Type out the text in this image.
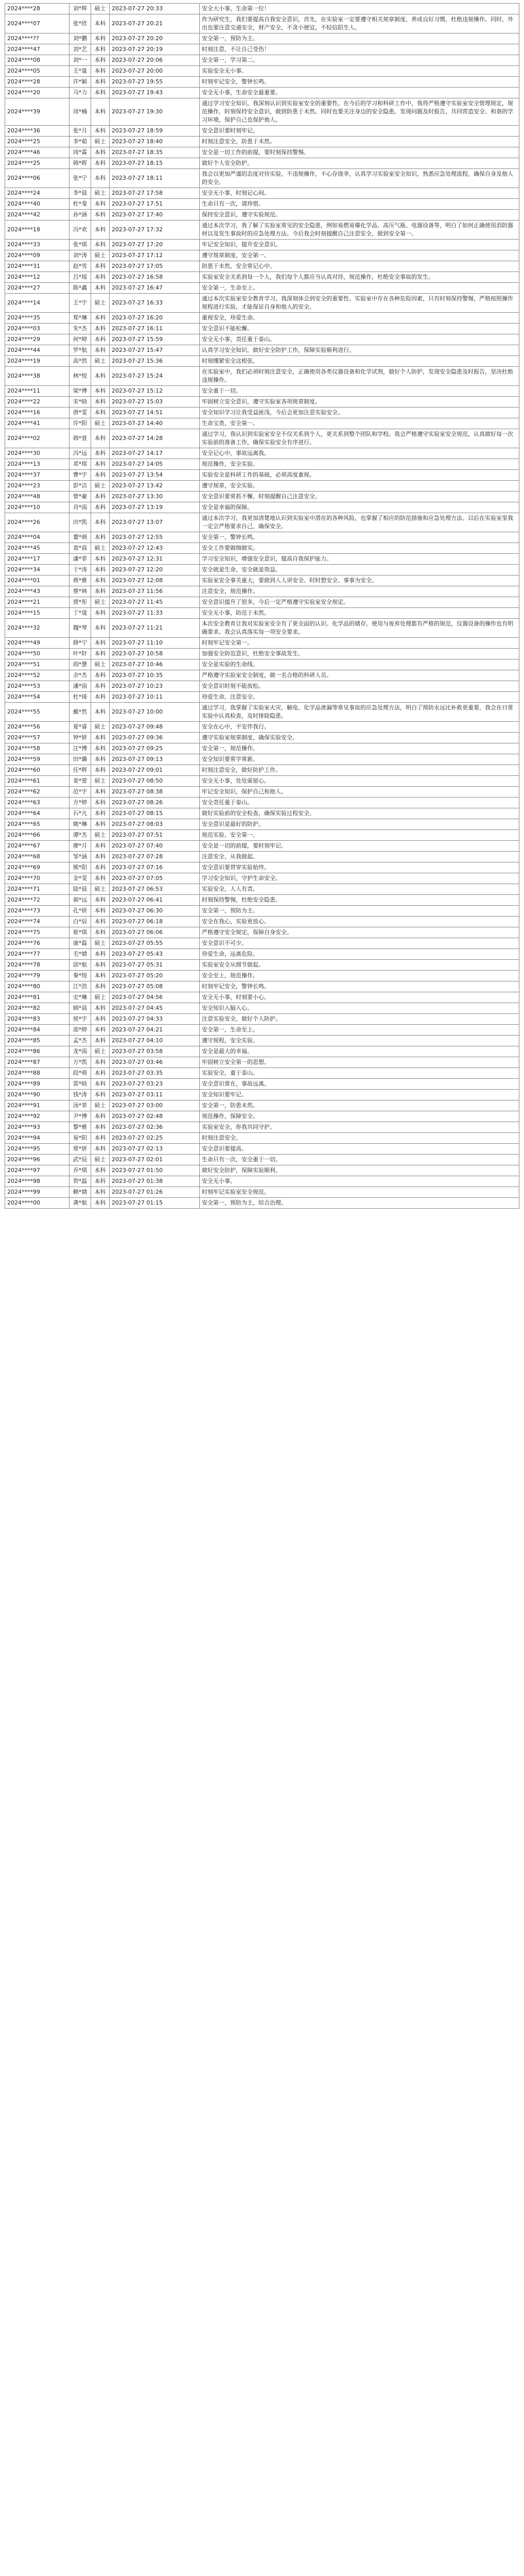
2024****28	刘*辉	硕士	2023-07-27 20:33	安全大小事，生命第一位！
2024****07	张*欣	本科	2023-07-27 20:21	作为研究生，我们要提高自我安全意识，首先，在实验室一定要遵守相关规章制度，养成良好习惯，杜绝违规操作。同时，外出也要注意交通安全，财产安全，不贪小便宜，不轻信陌生人。
2024****??	刘*鹏	本科	2023-07-27 20:20	安全第一，预防为主。
2024****47	刘*艺	本科	2023-07-27 20:19	时刻注意，不让自己受伤！
2024****08	刘*一	本科	2023-07-27 20:06	安全第一，学习第二。
2024****05	王*量	本科	2023-07-27 20:00	实验安全无小事。
2024****28	许*颖	本科	2023-07-27 19:55	时刻牢记安全，警钟长鸣。
2024****20	马*力	本科	2023-07-27 19:43	安全无小事，生命安全最重要。
2024****39	周*楠	本科	2023-07-27 19:30	通过学习安全知识，我深刻认识到实验室安全的重要性。在今后的学习和科研工作中，我将严格遵守实验室安全管理规定，规范操作，时刻保持安全意识，做到防患于未然。同时也要关注身边的安全隐患，发现问题及时报告，共同营造安全、和谐的学习环境，保护自己也保护他人。
2024****36	张*月	本科	2023-07-27 18:59	安全意识要时刻牢记。
2024****25	李*茹	硕士	2023-07-27 18:40	时刻注意安全，防患于未然。
2024****46	周*霖	本科	2023-07-27 18:35	安全是一切工作的前提，要时刻保持警惕。
2024****25	韩*晖	本科	2023-07-27 18:15	做好个人安全防护。
2024****06	张*宁	本科	2023-07-27 18:11	我会以更加严谨的态度对待实验，不违规操作，不心存侥幸，认真学习实验室安全知识，熟悉应急处理流程，确保自身及他人的安全。
2024****24	李*晨	硕士	2023-07-27 17:58	安全无小事，时刻记心间。
2024****40	杜*斐	本科	2023-07-27 17:51	生命只有一次，请珍惜。
2024****42	孙*涵	本科	2023-07-27 17:40	保持安全意识，遵守实验规范。
2024****18	冯*欢	本科	2023-07-27 17:32	通过本次学习，我了解了实验室常见的安全隐患，例如易燃易爆化学品、高压气瓶、电器设备等，明白了如何正确使用消防器材以及发生事故时的应急处理方法。今后我会时刻提醒自己注意安全，做到安全第一。
2024****33	张*琪	本科	2023-07-27 17:20	牢记安全知识，提升安全意识。
2024****09	刘*涛	硕士	2023-07-27 17:12	遵守规章制度，安全第一。
2024****31	赵*雪	本科	2023-07-27 17:05	防患于未然，安全常记心中。
2024****12	吕*瑶	本科	2023-07-27 16:58	实验室安全关系到每一个人，我们每个人都应当认真对待，规范操作，杜绝安全事故的发生。
2024****27	陈*鑫	本科	2023-07-27 16:47	安全第一，生命至上。
2024****14	王*宇	硕士	2023-07-27 16:33	通过本次实验室安全教育学习，我深刻体会到安全的重要性。实验室中存在各种危险因素，只有时刻保持警惕，严格按照操作规程进行实验，才能保证自身和他人的安全。
2024****35	郑*琳	本科	2023-07-27 16:20	重视安全，珍爱生命。
2024****03	朱*杰	本科	2023-07-27 16:11	安全意识不能松懈。
2024****29	何*婷	本科	2023-07-27 15:59	安全无小事，责任重于泰山。
2024****44	罗*航	本科	2023-07-27 15:47	认真学习安全知识，做好安全防护工作，保障实验顺利进行。
2024****19	高*然	硕士	2023-07-27 15:36	时刻绷紧安全这根弦。
2024****38	林*悦	本科	2023-07-27 15:24	在实验室中，我们必须时刻注意安全，正确使用各类仪器设备和化学试剂，做好个人防护，发现安全隐患及时报告，坚决杜绝违规操作。
2024****11	梁*博	本科	2023-07-27 15:12	安全重于一切。
2024****22	宋*晗	本科	2023-07-27 15:03	牢固树立安全意识，遵守实验室各项规章制度。
2024****16	唐*雯	本科	2023-07-27 14:51	安全知识学习让我受益匪浅，今后会更加注意实验安全。
2024****41	许*阳	硕士	2023-07-27 14:40	生命宝贵，安全第一。
2024****02	韩*萱	本科	2023-07-27 14:28	通过学习，我认识到实验室安全不仅关系到个人，更关系到整个团队和学校。我会严格遵守实验室安全规范，认真做好每一次实验前的准备工作，确保实验安全有序进行。
2024****30	冯*远	本科	2023-07-27 14:17	安全记心中，事故远离我。
2024****13	邓*琪	本科	2023-07-27 14:05	规范操作，安全实验。
2024****37	曹*宇	本科	2023-07-27 13:54	实验安全是科研工作的基础，必须高度重视。
2024****23	彭*洁	硕士	2023-07-27 13:42	遵守规章，安全实验。
2024****48	曾*豪	本科	2023-07-27 13:30	安全意识要常抓不懈，时刻提醒自己注意安全。
2024****10	肖*雨	本科	2023-07-27 13:19	安全是幸福的保障。
2024****26	田*凯	本科	2023-07-27 13:07	通过本次学习，我更加清楚地认识到实验室中潜在的各种风险，也掌握了相应的防范措施和应急处理方法。以后在实验室里我一定会严格要求自己，确保安全。
2024****04	董*萌	本科	2023-07-27 12:55	安全第一，警钟长鸣。
2024****45	袁*晨	硕士	2023-07-27 12:43	安全工作要做细做实。
2024****17	潘*菲	本科	2023-07-27 12:31	学习安全知识，增强安全意识，提高自我保护能力。
2024****34	于*涛	本科	2023-07-27 12:20	安全就是生命，安全就是效益。
2024****01	蒋*雅	本科	2023-07-27 12:08	实验室安全事关重大，要做到人人讲安全、时时想安全、事事为安全。
2024****43	蔡*林	本科	2023-07-27 11:56	注意安全，规范操作。
2024****21	贾*彤	硕士	2023-07-27 11:45	安全意识提升了很多，今后一定严格遵守实验室安全规定。
2024****15	丁*晟	本科	2023-07-27 11:33	安全无小事，防范于未然。
2024****32	魏*琴	本科	2023-07-27 11:21	本次安全教育让我对实验室安全有了更全面的认识。化学品的储存、使用与废弃处理都有严格的规范，仪器设备的操作也有明确要求。我会认真落实每一项安全要求。
2024****49	薛*宁	本科	2023-07-27 11:10	时刻牢记安全第一。
2024****50	叶*轩	本科	2023-07-27 10:58	加强安全防范意识，杜绝安全事故发生。
2024****51	阎*慧	硕士	2023-07-27 10:46	安全是实验的生命线。
2024****52	余*杰	本科	2023-07-27 10:35	严格遵守实验室安全制度，做一名合格的科研人员。
2024****53	潘*雨	本科	2023-07-27 10:23	安全意识时刻不能放松。
2024****54	杜*琦	本科	2023-07-27 10:11	珍爱生命，注意安全。
2024****55	戴*然	本科	2023-07-27 10:00	通过学习，我掌握了实验室火灾、触电、化学品泄漏等常见事故的应急处理方法，明白了预防永远比补救更重要。我会在日常实验中认真检查，及时排除隐患。
2024****56	夏*睿	硕士	2023-07-27 09:48	安全在心中，平安伴我行。
2024****57	钟*妍	本科	2023-07-27 09:36	遵守实验室规章制度，确保实验安全。
2024****58	汪*博	本科	2023-07-27 09:25	安全第一，规范操作。
2024****59	田*璐	本科	2023-07-27 09:13	安全知识要常学常新。
2024****60	任*辉	本科	2023-07-27 09:01	时刻注意安全，做好防护工作。
2024****61	姜*萱	硕士	2023-07-27 08:50	安全无小事，处处需留心。
2024****62	范*宇	本科	2023-07-27 08:38	牢记安全知识，保护自己和他人。
2024****63	方*婷	本科	2023-07-27 08:26	安全责任重于泰山。
2024****64	石*凡	本科	2023-07-27 08:15	做好实验前的安全检查，确保实验过程安全。
2024****65	姚*琳	本科	2023-07-27 08:03	安全意识是最好的防护。
2024****66	谭*杰	硕士	2023-07-27 07:51	规范实验，安全第一。
2024****67	廖*月	本科	2023-07-27 07:40	安全是一切的前提，要时刻牢记。
2024****68	邹*涵	本科	2023-07-27 07:28	注意安全，从我做起。
2024****69	熊*阳	本科	2023-07-27 07:16	安全意识要贯穿实验始终。
2024****70	金*雯	本科	2023-07-27 07:05	学习安全知识，守护生命安全。
2024****71	陆*晨	硕士	2023-07-27 06:53	实验安全，人人有责。
2024****72	郝*远	本科	2023-07-27 06:41	时刻保持警惕，杜绝安全隐患。
2024****73	孔*妍	本科	2023-07-27 06:30	安全第一，预防为主。
2024****74	白*辰	本科	2023-07-27 06:18	安全在我心，实验更放心。
2024****75	崔*琪	本科	2023-07-27 06:06	严格遵守安全规定，保障自身安全。
2024****76	康*磊	硕士	2023-07-27 05:55	安全意识不可少。
2024****77	毛*婧	本科	2023-07-27 05:43	珍爱生命，远离危险。
2024****78	邱*航	本科	2023-07-27 05:31	实验室安全从细节做起。
2024****79	秦*悦	本科	2023-07-27 05:20	安全至上，规范操作。
2024****80	江*浩	本科	2023-07-27 05:08	时刻牢记安全，警钟长鸣。
2024****81	史*琳	硕士	2023-07-27 04:56	安全无小事，时刻要小心。
2024****82	顾*晨	本科	2023-07-27 04:45	安全知识入脑入心。
2024****83	侯*宇	本科	2023-07-27 04:33	注意实验安全，做好个人防护。
2024****84	邵*婷	本科	2023-07-27 04:21	安全第一，生命至上。
2024****85	孟*杰	本科	2023-07-27 04:10	遵守规程，安全实验。
2024****86	龙*雨	硕士	2023-07-27 03:58	安全是最大的幸福。
2024****87	万*凯	本科	2023-07-27 03:46	牢固树立安全第一的思想。
2024****88	段*萌	本科	2023-07-27 03:35	实验安全，重于泰山。
2024****89	雷*晗	本科	2023-07-27 03:23	安全意识常在，事故远离。
2024****90	钱*涛	本科	2023-07-27 03:11	安全知识要牢记。
2024****91	汤*菲	硕士	2023-07-27 03:00	安全第一，防患未然。
2024****92	尹*博	本科	2023-07-27 02:48	规范操作，保障安全。
2024****93	黎*雅	本科	2023-07-27 02:36	实验室安全，你我共同守护。
2024****94	易*阳	本科	2023-07-27 02:25	时刻注意安全。
2024****95	常*妍	本科	2023-07-27 02:13	安全意识要提高。
2024****96	武*辰	硕士	2023-07-27 02:01	生命只有一次，安全重于一切。
2024****97	乔*琪	本科	2023-07-27 01:50	做好安全防护，保障实验顺利。
2024****98	贺*磊	本科	2023-07-27 01:38	安全无小事。
2024****99	赖*婧	本科	2023-07-27 01:26	时刻牢记实验室安全规范。
2024****00	龚*航	本科	2023-07-27 01:15	安全第一，预防为主，综合治理。
